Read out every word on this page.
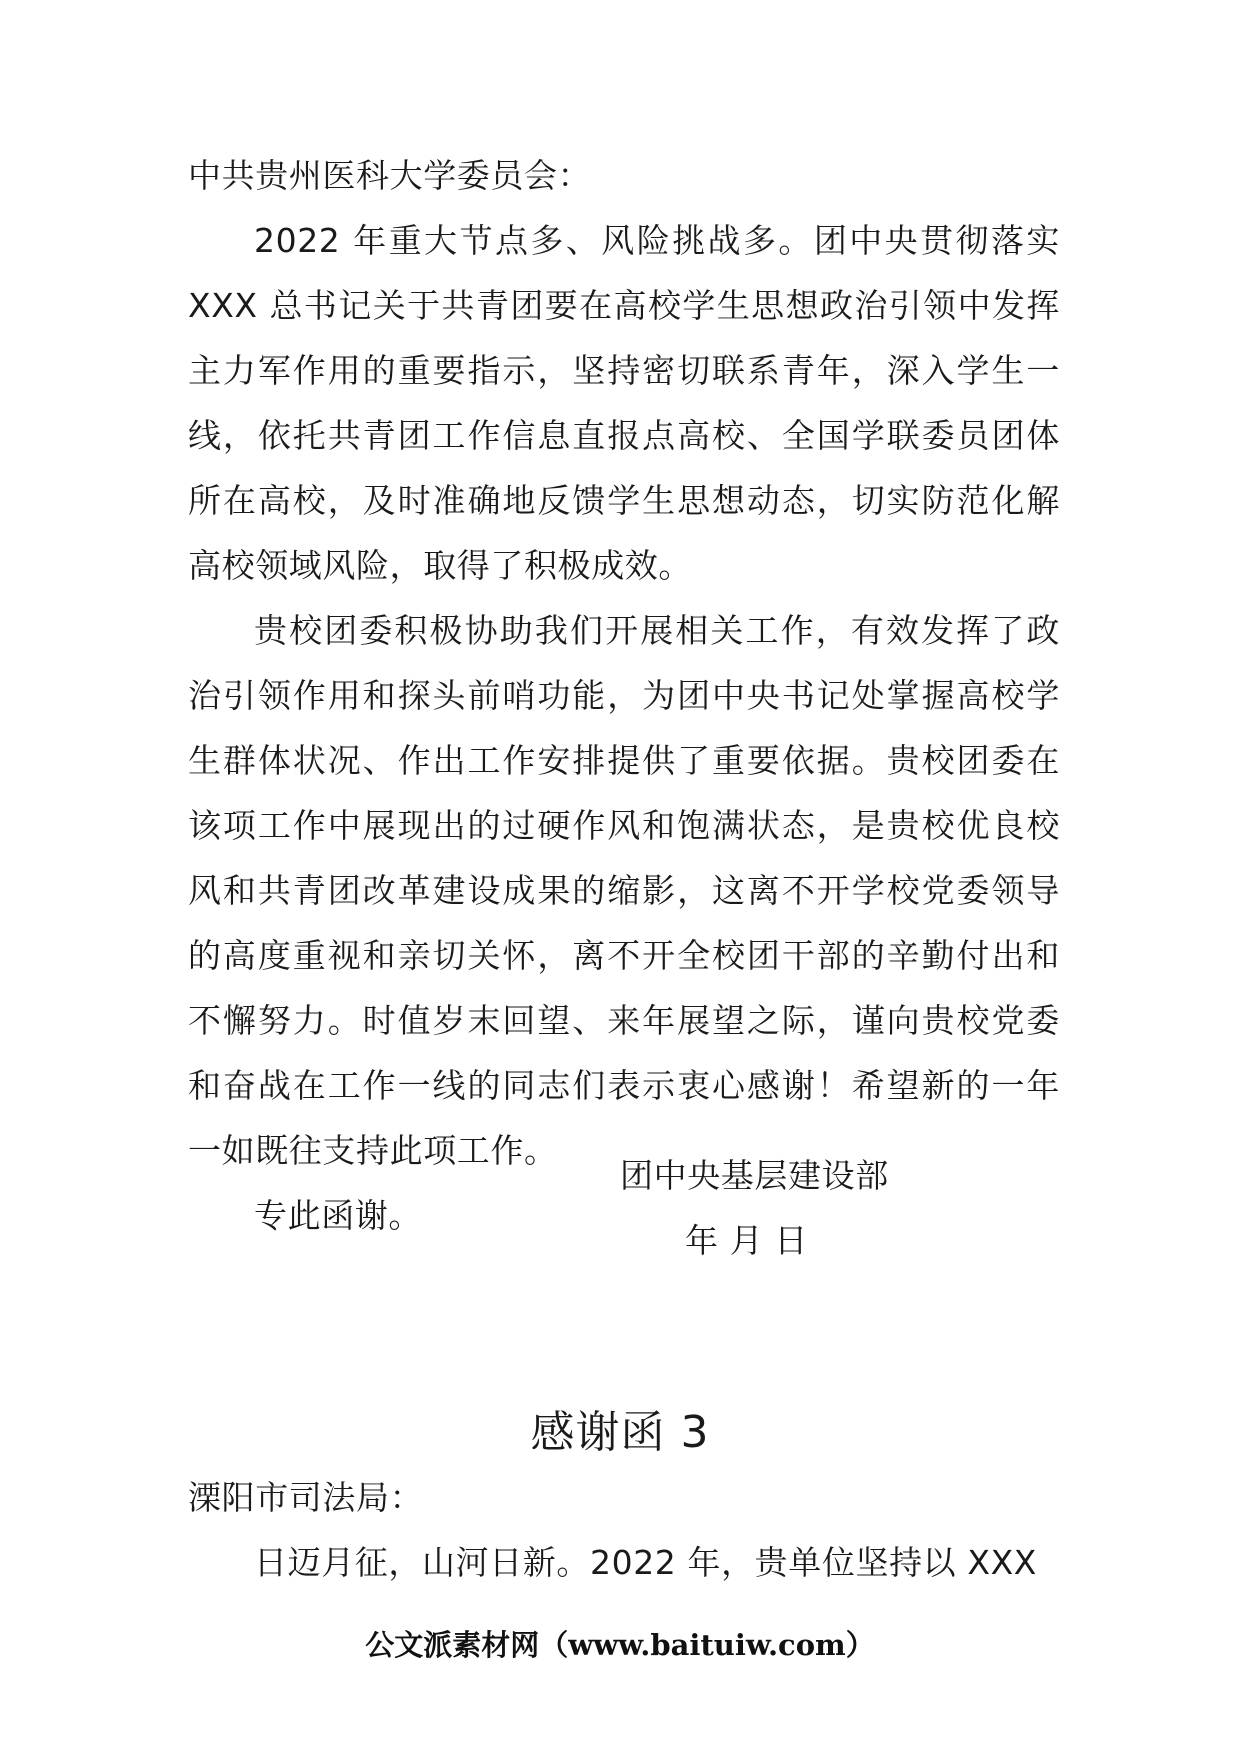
中共贵州医科大学委员会：

2022 年重大节点多、风险挑战多。团中央贯彻落实 XXX 总书记关于共青团要在高校学生思想政治引领中发挥主力军作用的重要指示，坚持密切联系青年，深入学生一线，依托共青团工作信息直报点高校、全国学联委员团体所在高校，及时准确地反馈学生思想动态，切实防范化解高校领域风险，取得了积极成效。

贵校团委积极协助我们开展相关工作，有效发挥了政治引领作用和探头前哨功能，为团中央书记处掌握高校学生群体状况、作出工作安排提供了重要依据。贵校团委在该项工作中展现出的过硬作风和饱满状态，是贵校优良校风和共青团改革建设成果的缩影，这离不开学校党委领导的高度重视和亲切关怀，离不开全校团干部的辛勤付出和不懈努力。时值岁末回望、来年展望之际，谨向贵校党委和奋战在工作一线的同志们表示衷心感谢！希望新的一年一如既往支持此项工作。

专此函谢。

团中央基层建设部
年 月 日
感谢函 3
溧阳市司法局：
日迈月征，山河日新。2022 年，贵单位坚持以 XXX
公文派素材网（www.baituiw.com）
